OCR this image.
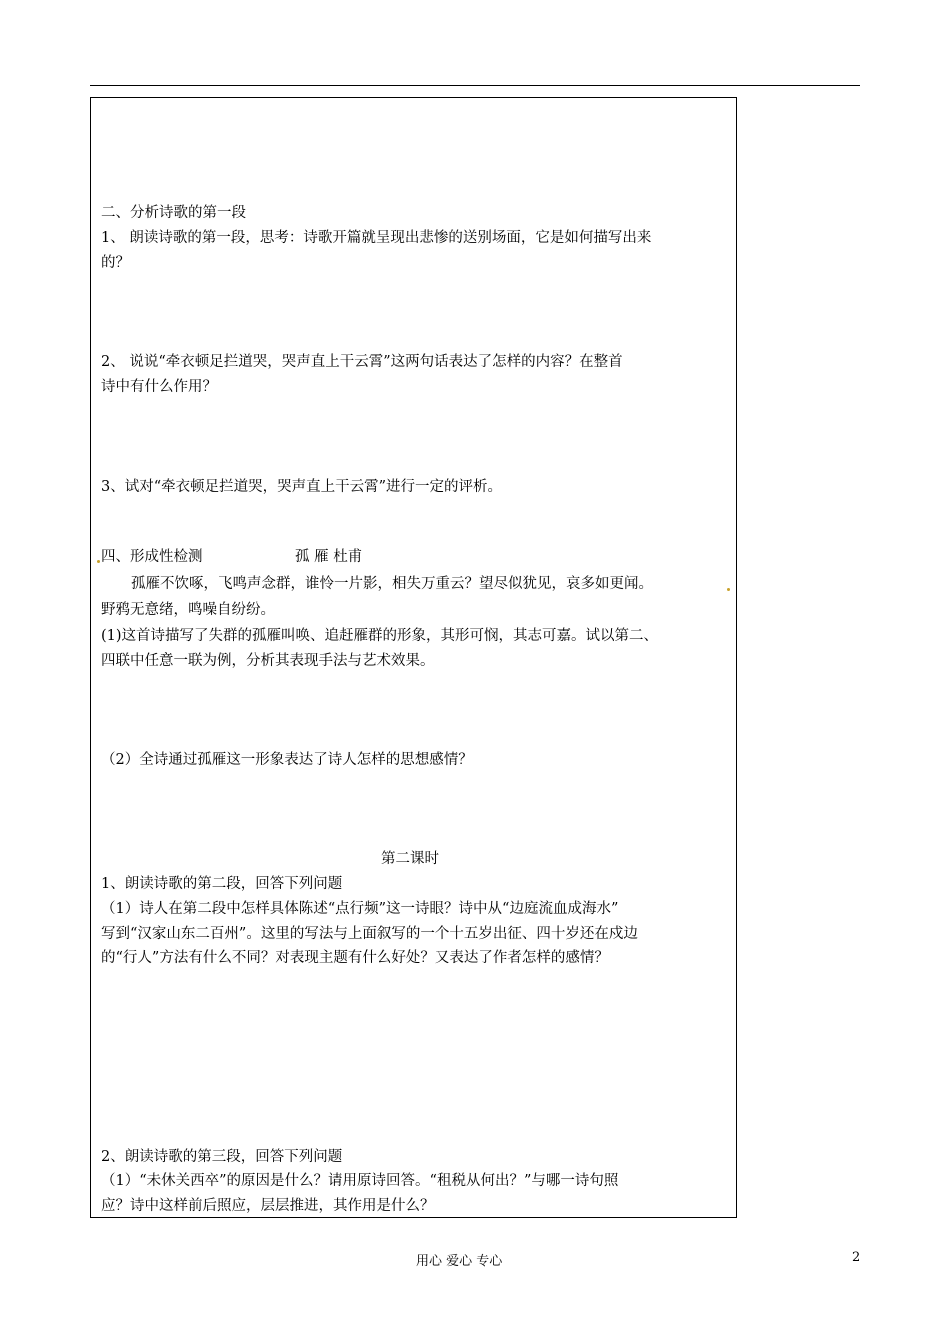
二、分析诗歌的第一段
1、 朗读诗歌的第一段，思考：诗歌开篇就呈现出悲惨的送别场面，它是如何描写出来
的？
2、 说说“牵衣顿足拦道哭，哭声直上干云霄”这两句话表达了怎样的内容？在整首
诗中有什么作用？
3、试对“牵衣顿足拦道哭，哭声直上干云霄”进行一定的评析。
四、形成性检测	孤 雁 杜甫
孤雁不饮啄，飞鸣声念群，谁怜一片影，相失万重云？望尽似犹见，哀多如更闻。
野鸦无意绪，鸣噪自纷纷。
(1)这首诗描写了失群的孤雁叫唤、追赶雁群的形象，其形可悯，其志可嘉。试以第二、
四联中任意一联为例，分析其表现手法与艺术效果。
（2）全诗通过孤雁这一形象表达了诗人怎样的思想感情？
第二课时
1、朗读诗歌的第二段，回答下列问题
（1）诗人在第二段中怎样具体陈述“点行频”这一诗眼？诗中从“边庭流血成海水”
写到“汉家山东二百州”。这里的写法与上面叙写的一个十五岁出征、四十岁还在戍边
的“行人”方法有什么不同？对表现主题有什么好处？又表达了作者怎样的感情？
2、朗读诗歌的第三段，回答下列问题
（1）“未休关西卒”的原因是什么？请用原诗回答。“租税从何出？”与哪一诗句照
应？诗中这样前后照应，层层推进，其作用是什么？
用心 爱心 专心	2
